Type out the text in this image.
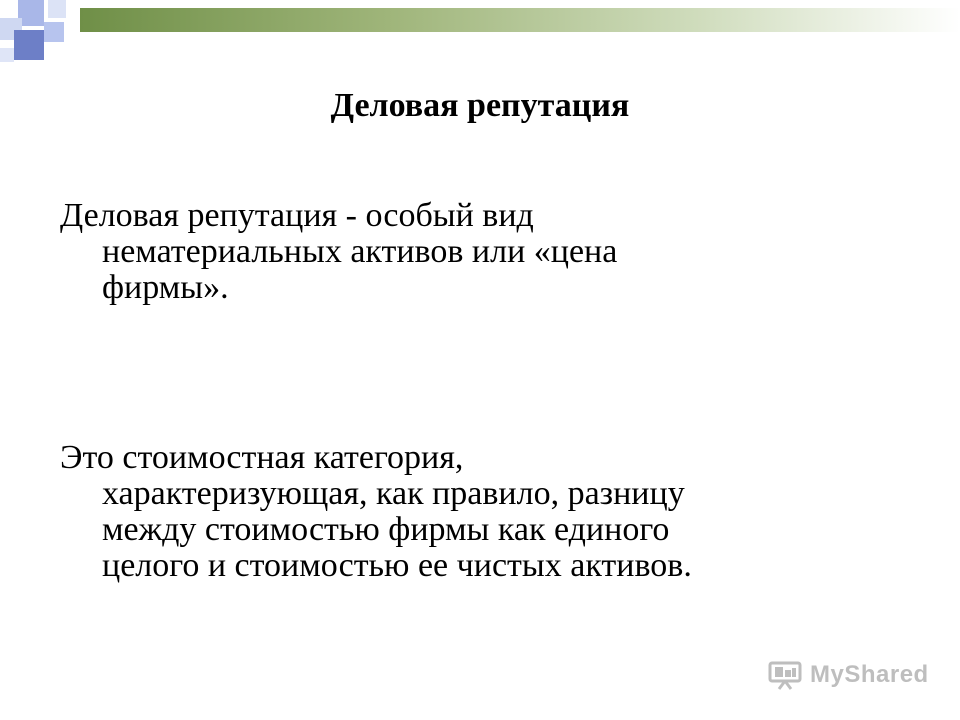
Деловая репутация
Деловая репутация - особый вид
нематериальных активов или «цена
фирмы».
Это стоимостная категория,
характеризующая, как правило, разницу
между стоимостью фирмы как единого
целого и стоимостью ее чистых активов.
MyShared
